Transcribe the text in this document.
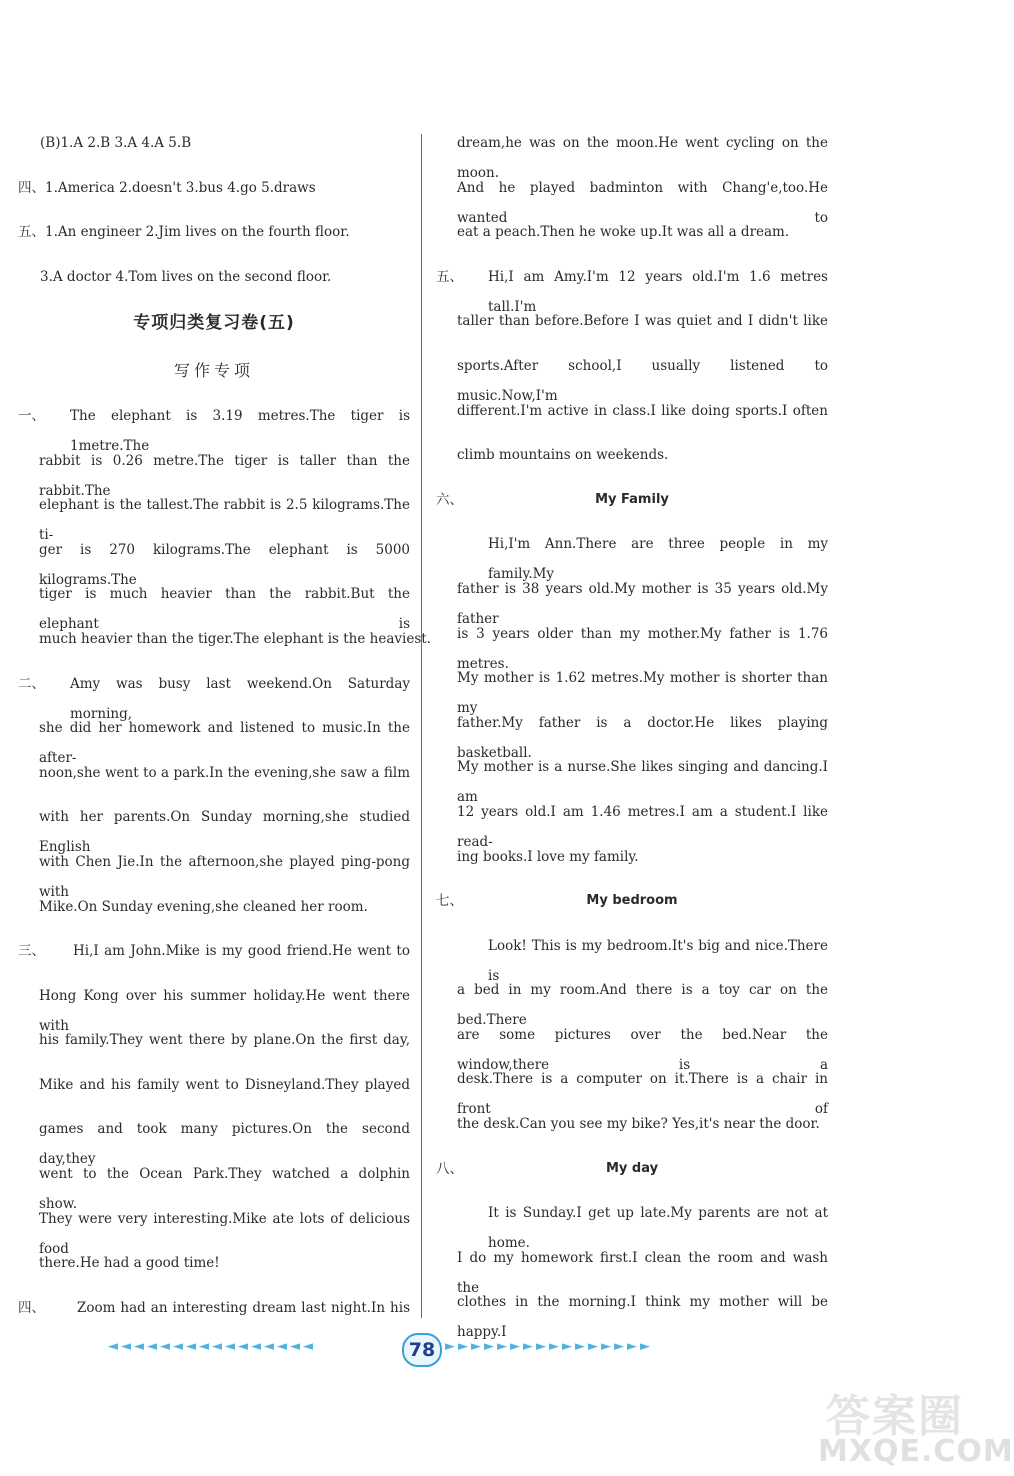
(B)1.A 2.B 3.A 4.A 5.B
四、1.America 2.doesn't 3.bus 4.go 5.draws
五、1.An engineer 2.Jim lives on the fourth floor.
3.A doctor 4.Tom lives on the second floor.
专项归类复习卷(五)
写作专项
一、 The elephant is 3.19 metres.The tiger is 1metre.The
rabbit is 0.26 metre.The tiger is taller than the rabbit.The
elephant is the tallest.The rabbit is 2.5 kilograms.The ti-
ger is 270 kilograms.The elephant is 5000 kilograms.The
tiger is much heavier than the rabbit.But the elephant is
much heavier than the tiger.The elephant is the heaviest.
二、 Amy was busy last weekend.On Saturday morning,
she did her homework and listened to music.In the after-
noon,she went to a park.In the evening,she saw a film
with her parents.On Sunday morning,she studied English
with Chen Jie.In the afternoon,she played ping-pong with
Mike.On Sunday evening,she cleaned her room.
三、 Hi,I am John.Mike is my good friend.He went to
Hong Kong over his summer holiday.He went there with
his family.They went there by plane.On the first day,
Mike and his family went to Disneyland.They played
games and took many pictures.On the second day,they
went to the Ocean Park.They watched a dolphin show.
They were very interesting.Mike ate lots of delicious food
there.He had a good time!
四、 Zoom had an interesting dream last night.In his
dream,he was on the moon.He went cycling on the moon.
And he played badminton with Chang'e,too.He wanted to
eat a peach.Then he woke up.It was all a dream.
五、 Hi,I am Amy.I'm 12 years old.I'm 1.6 metres tall.I'm
taller than before.Before I was quiet and I didn't like
sports.After school,I usually listened to music.Now,I'm
different.I'm active in class.I like doing sports.I often
climb mountains on weekends.
六、	My Family
Hi,I'm Ann.There are three people in my family.My
father is 38 years old.My mother is 35 years old.My father
is 3 years older than my mother.My father is 1.76 metres.
My mother is 1.62 metres.My mother is shorter than my
father.My father is a doctor.He likes playing basketball.
My mother is a nurse.She likes singing and dancing.I am
12 years old.I am 1.46 metres.I am a student.I like read-
ing books.I love my family.
七、	My bedroom
Look! This is my bedroom.It's big and nice.There is
a bed in my room.And there is a toy car on the bed.There
are some pictures over the bed.Near the window,there is a
desk.There is a computer on it.There is a chair in front of
the desk.Can you see my bike? Yes,it's near the door.
八、	My day
It is Sunday.I get up late.My parents are not at home.
I do my homework first.I clean the room and wash the
clothes in the morning.I think my mother will be happy.I
◄◄◄◄◄◄◄◄◄◄◄◄◄◄◄◄	78 ►►►►►►►►►►►►►►►►
答案圈
MXQE.COM
